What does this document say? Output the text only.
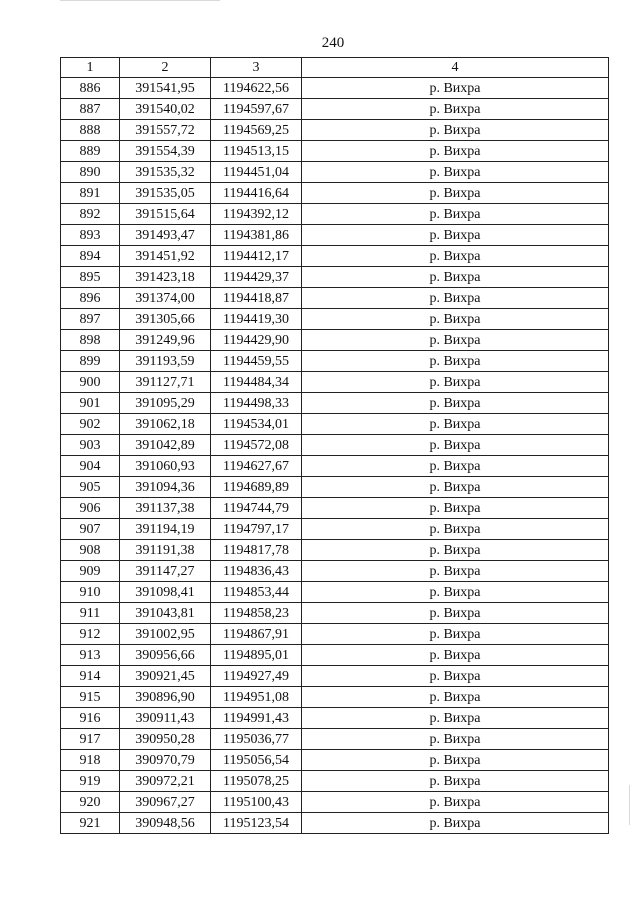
240
1	2	3	4
886	391541,95	1194622,56	р. Вихра
887	391540,02	1194597,67	р. Вихра
888	391557,72	1194569,25	р. Вихра
889	391554,39	1194513,15	р. Вихра
890	391535,32	1194451,04	р. Вихра
891	391535,05	1194416,64	р. Вихра
892	391515,64	1194392,12	р. Вихра
893	391493,47	1194381,86	р. Вихра
894	391451,92	1194412,17	р. Вихра
895	391423,18	1194429,37	р. Вихра
896	391374,00	1194418,87	р. Вихра
897	391305,66	1194419,30	р. Вихра
898	391249,96	1194429,90	р. Вихра
899	391193,59	1194459,55	р. Вихра
900	391127,71	1194484,34	р. Вихра
901	391095,29	1194498,33	р. Вихра
902	391062,18	1194534,01	р. Вихра
903	391042,89	1194572,08	р. Вихра
904	391060,93	1194627,67	р. Вихра
905	391094,36	1194689,89	р. Вихра
906	391137,38	1194744,79	р. Вихра
907	391194,19	1194797,17	р. Вихра
908	391191,38	1194817,78	р. Вихра
909	391147,27	1194836,43	р. Вихра
910	391098,41	1194853,44	р. Вихра
911	391043,81	1194858,23	р. Вихра
912	391002,95	1194867,91	р. Вихра
913	390956,66	1194895,01	р. Вихра
914	390921,45	1194927,49	р. Вихра
915	390896,90	1194951,08	р. Вихра
916	390911,43	1194991,43	р. Вихра
917	390950,28	1195036,77	р. Вихра
918	390970,79	1195056,54	р. Вихра
919	390972,21	1195078,25	р. Вихра
920	390967,27	1195100,43	р. Вихра
921	390948,56	1195123,54	р. Вихра
